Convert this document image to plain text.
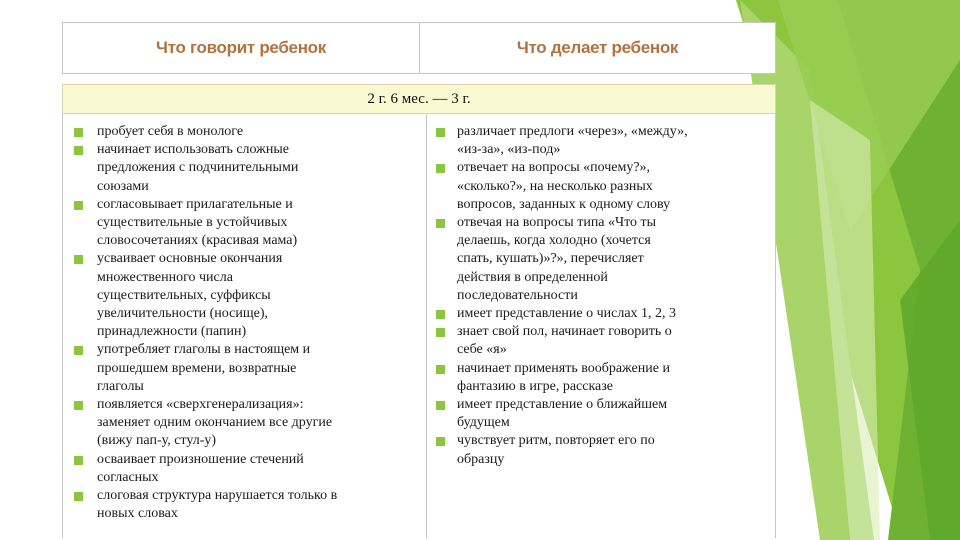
Что говорит ребенок	Что делает ребенок
2 г. 6 мес. — 3 г.
пробует себя в монологе
начинает использовать сложные
предложения с подчинительными
союзами
согласовывает прилагательные и
существительные в устойчивых
словосочетаниях (красивая мама)
усваивает основные окончания
множественного числа
существительных, суффиксы
увеличительности (носище),
принадлежности (папин)
употребляет глаголы в настоящем и
прошедшем времени, возвратные
глаголы
появляется «сверхгенерализация»:
заменяет одним окончанием все другие
(вижу пап-у, стул-у)
осваивает произношение стечений
согласных
слоговая структура нарушается только в
новых словах
различает предлоги «через», «между»,
«из-за», «из-под»
отвечает на вопросы «почему?»,
«сколько?», на несколько разных
вопросов, заданных к одному слову
отвечая на вопросы типа «Что ты
делаешь, когда холодно (хочется
спать, кушать)»?», перечисляет
действия в определенной
последовательности
имеет представление о числах 1, 2, 3
знает свой пол, начинает говорить о
себе «я»
начинает применять воображение и
фантазию в игре, рассказе
имеет представление о ближайшем
будущем
чувствует ритм, повторяет его по
образцу
